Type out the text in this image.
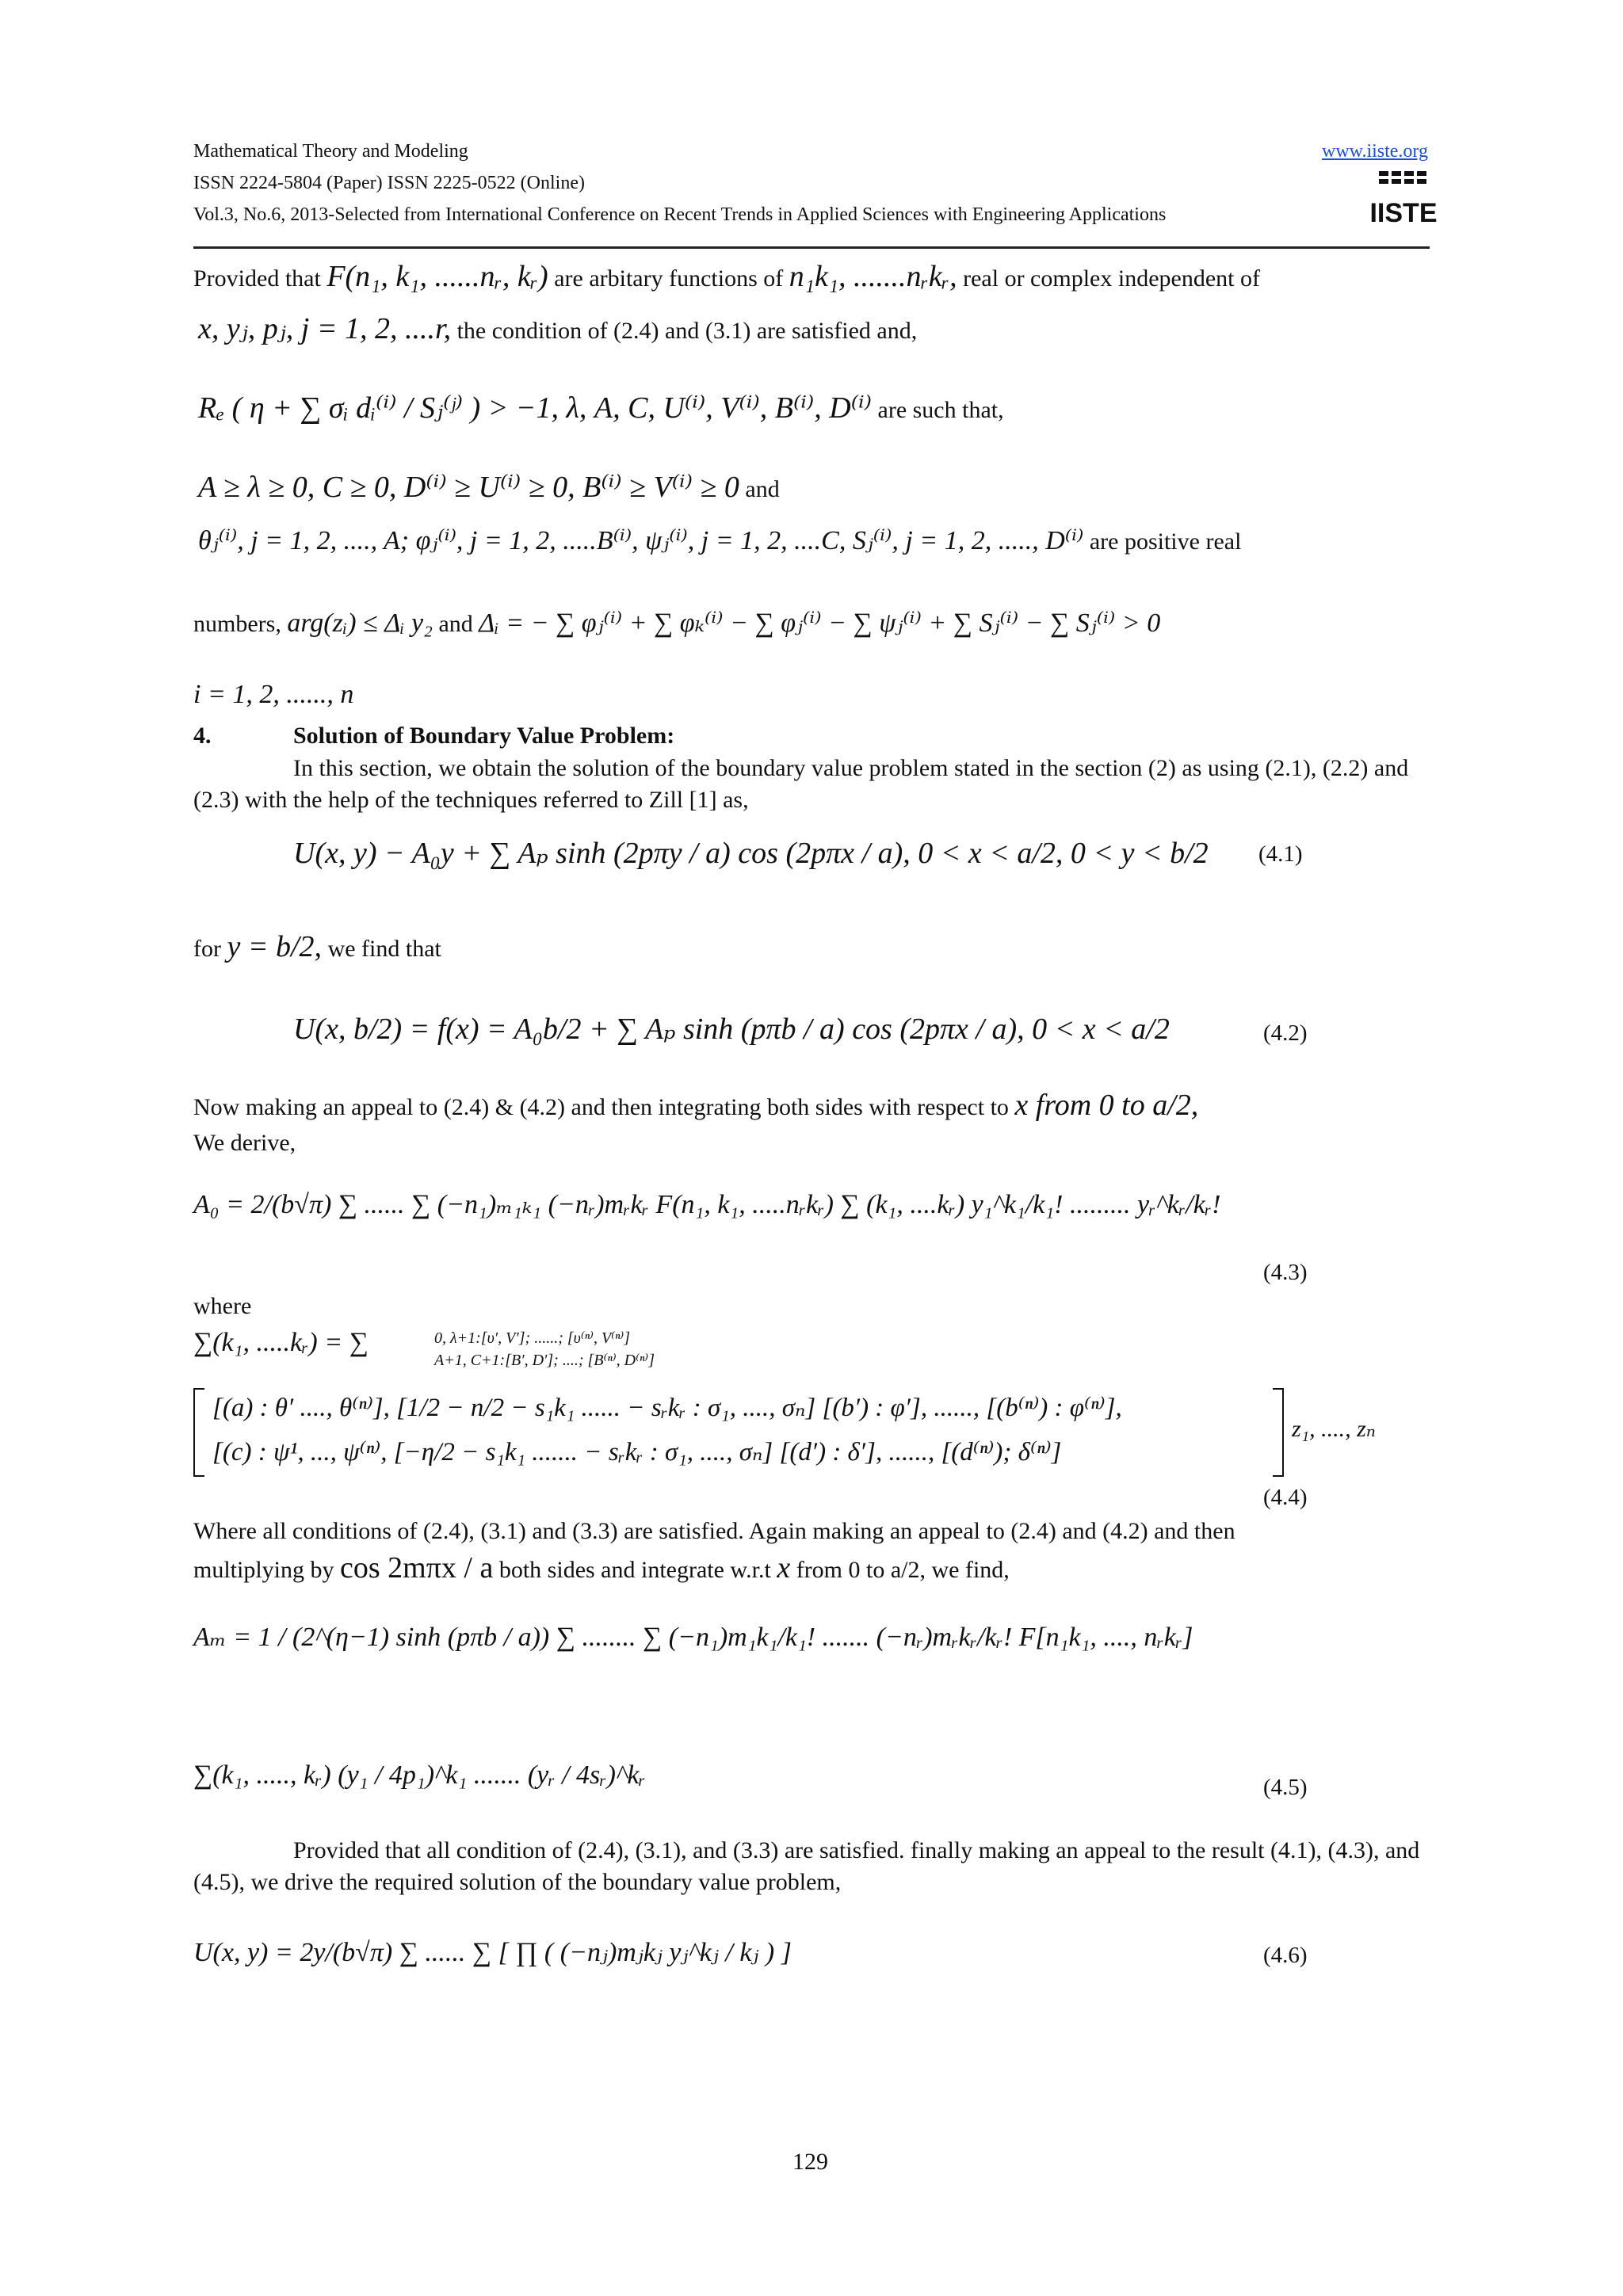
Mathematical Theory and Modeling	www.iiste.org
ISSN 2224-5804 (Paper) ISSN 2225-0522 (Online)
Vol.3, No.6, 2013-Selected from International Conference on Recent Trends in Applied Sciences with Engineering Applications	IISTE
Provided that F(n₁, k₁, ......nᵣ, kᵣ) are arbitary functions of n₁k₁, .......nᵣkᵣ, real or complex independent of
x, yⱼ, pⱼ, j = 1, 2, ....r, the condition of (2.4) and (3.1) are satisfied and,
Rₑ ( η + ∑ σᵢ dᵢ⁽ⁱ⁾ / Sⱼ⁽ʲ⁾ ) > −1, λ, A, C, U⁽ⁱ⁾, V⁽ⁱ⁾, B⁽ⁱ⁾, D⁽ⁱ⁾ are such that,
A ≥ λ ≥ 0, C ≥ 0, D⁽ⁱ⁾ ≥ U⁽ⁱ⁾ ≥ 0, B⁽ⁱ⁾ ≥ V⁽ⁱ⁾ ≥ 0 and
θⱼ⁽ⁱ⁾, j = 1, 2, ...., A; φⱼ⁽ⁱ⁾, j = 1, 2, .....B⁽ⁱ⁾, ψⱼ⁽ⁱ⁾, j = 1, 2, ....C, Sⱼ⁽ⁱ⁾, j = 1, 2, ....., D⁽ⁱ⁾ are positive real
numbers, arg(zᵢ) ≤ Δᵢ y₂ and Δᵢ = − ∑ φⱼ⁽ⁱ⁾ + ∑ φₖ⁽ⁱ⁾ − ∑ φⱼ⁽ⁱ⁾ − ∑ ψⱼ⁽ⁱ⁾ + ∑ Sⱼ⁽ⁱ⁾ − ∑ Sⱼ⁽ⁱ⁾ > 0
i = 1, 2, ......, n
4.	Solution of Boundary Value Problem:
In this section, we obtain the solution of the boundary value problem stated in the section (2) as using (2.1), (2.2) and (2.3) with the help of the techniques referred to Zill [1] as,
U(x, y) − A₀y + ∑ Aₚ sinh (2pπy / a) cos (2pπx / a), 0 < x < a/2, 0 < y < b/2 (4.1)
for y = b/2, we find that
U(x, b/2) = f(x) = A₀b/2 + ∑ Aₚ sinh (pπb / a) cos (2pπx / a), 0 < x < a/2	(4.2)
Now making an appeal to (2.4) & (4.2) and then integrating both sides with respect to x from 0 to a/2,
We derive,
A₀ = 2/(b√π) ∑ ...... ∑ (−n₁)ₘ₁ₖ₁ (−nᵣ)mᵣkᵣ F(n₁, k₁, .....nᵣkᵣ) ∑ (k₁, ....kᵣ) y₁^k₁/k₁! ......... yᵣ^kᵣ/kᵣ!
(4.3)
where
∑(k₁, .....kᵣ) = ∑	0, λ+1:[υ′, V′]; ......; [υ⁽ⁿ⁾, V⁽ⁿ⁾]
A+1, C+1:[B′, D′]; ....; [B⁽ⁿ⁾, D⁽ⁿ⁾]
[(a) : θ′ ...., θ⁽ⁿ⁾], [1/2 − n/2 − s₁k₁ ...... − sᵣkᵣ : σ₁, ...., σₙ] [(b′) : φ′], ......, [(b⁽ⁿ⁾) : φ⁽ⁿ⁾],
[(c) : ψ¹, ..., ψ⁽ⁿ⁾, [−η/2 − s₁k₁ ....... − sᵣkᵣ : σ₁, ...., σₙ] [(d′) : δ′], ......, [(d⁽ⁿ⁾); δ⁽ⁿ⁾]
z₁, ...., zₙ
(4.4)
Where all conditions of (2.4), (3.1) and (3.3) are satisfied. Again making an appeal to (2.4) and (4.2) and then
multiplying by cos 2mπx / a both sides and integrate w.r.t x from 0 to a/2, we find,
Aₘ = 1 / (2^(η−1) sinh (pπb / a)) ∑ ........ ∑ (−n₁)m₁k₁/k₁! ....... (−nᵣ)mᵣkᵣ/kᵣ! F[n₁k₁, ...., nᵣkᵣ]
∑(k₁, ....., kᵣ) (y₁ / 4p₁)^k₁ ....... (yᵣ / 4sᵣ)^kᵣ	(4.5)
Provided that all condition of (2.4), (3.1), and (3.3) are satisfied. finally making an appeal to the result (4.1), (4.3), and (4.5), we drive the required solution of the boundary value problem,
U(x, y) = 2y/(b√π) ∑ ...... ∑ [ ∏ ( (−nⱼ)mⱼkⱼ yⱼ^kⱼ / kⱼ ) ]	(4.6)
129
